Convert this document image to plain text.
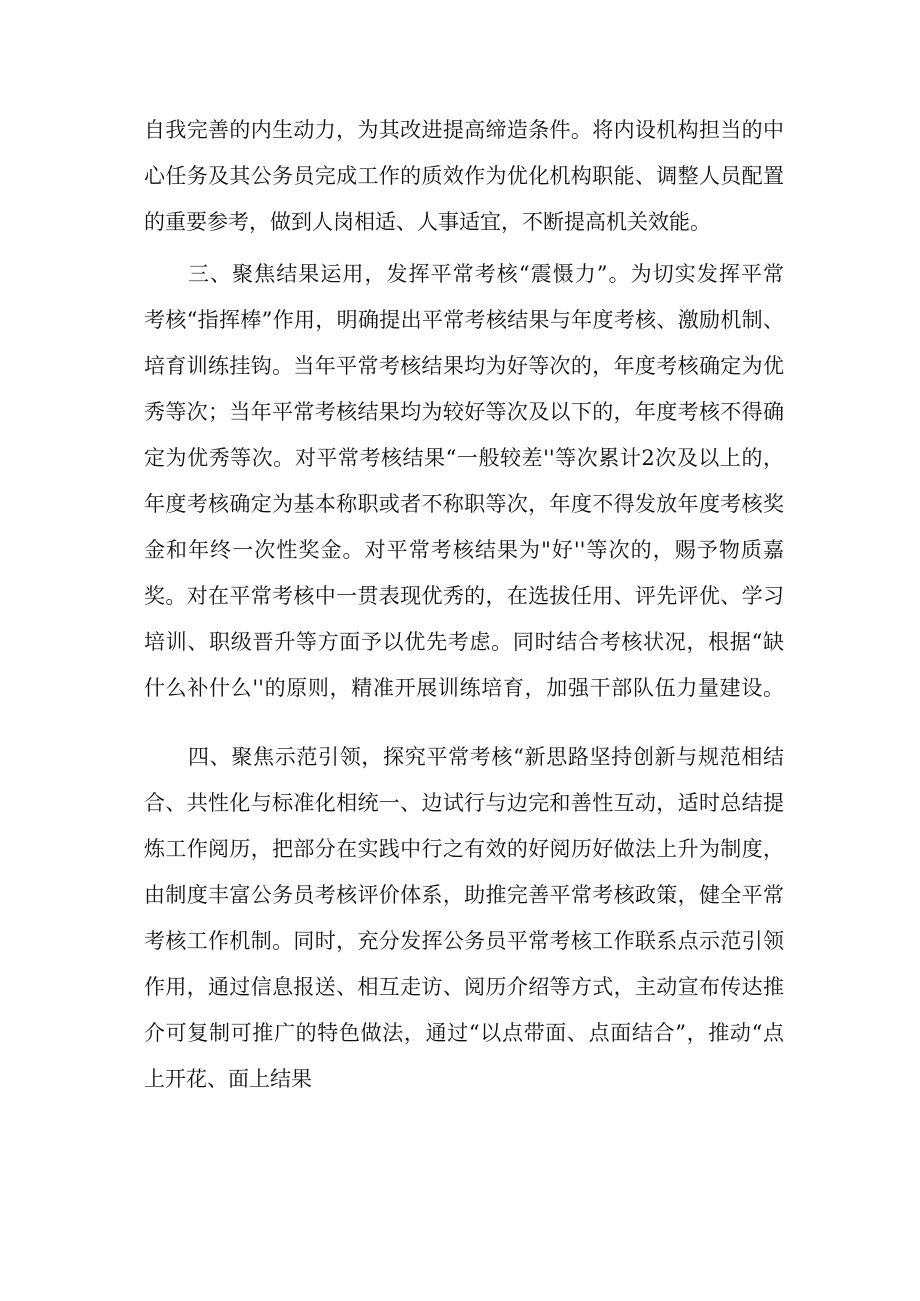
自我完善的内生动力，为其改进提高缔造条件。将内设机构担当的中
心任务及其公务员完成工作的质效作为优化机构职能、调整人员配置
的重要参考，做到人岗相适、人事适宜，不断提高机关效能。
三、聚焦结果运用，发挥平常考核“震慑力”。为切实发挥平常
考核“指挥棒”作用，明确提出平常考核结果与年度考核、激励机制、
培育训练挂钩。当年平常考核结果均为好等次的，年度考核确定为优
秀等次；当年平常考核结果均为较好等次及以下的，年度考核不得确
定为优秀等次。对平常考核结果“一般较差''等次累计2次及以上的，
年度考核确定为基本称职或者不称职等次，年度不得发放年度考核奖
金和年终一次性奖金。对平常考核结果为"好''等次的，赐予物质嘉
奖。对在平常考核中一贯表现优秀的，在选拔任用、评先评优、学习
培训、职级晋升等方面予以优先考虑。同时结合考核状况，根据“缺
什么补什么''的原则，精准开展训练培育，加强干部队伍力量建设。
四、聚焦示范引领，探究平常考核“新思路坚持创新与规范相结
合、共性化与标准化相统一、边试行与边完和善性互动，适时总结提
炼工作阅历，把部分在实践中行之有效的好阅历好做法上升为制度，
由制度丰富公务员考核评价体系，助推完善平常考核政策，健全平常
考核工作机制。同时，充分发挥公务员平常考核工作联系点示范引领
作用，通过信息报送、相互走访、阅历介绍等方式，主动宣布传达推
介可复制可推广的特色做法，通过“以点带面、点面结合”，推动“点
上开花、面上结果
